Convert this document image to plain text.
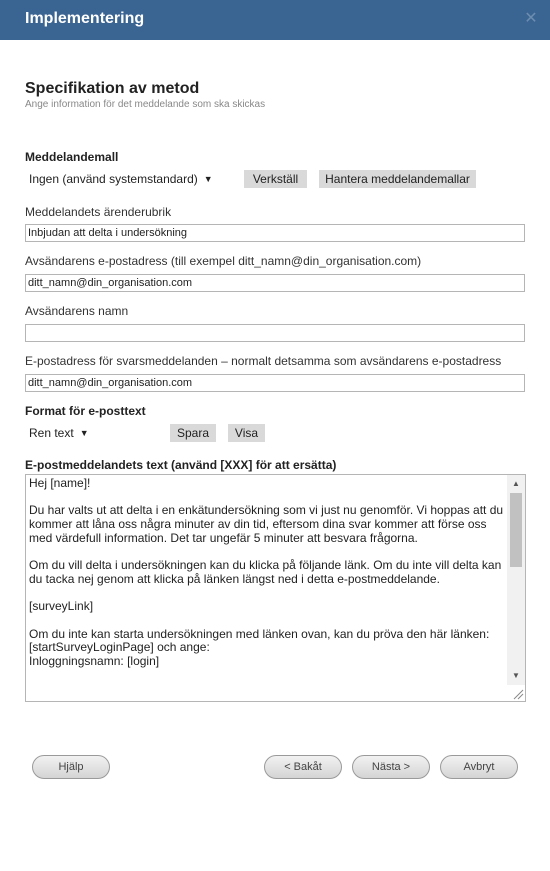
Implementering	✕
Specifikation av metod
Ange information för det meddelande som ska skickas
Meddelandemall
Ingen (använd systemstandard) ▼	Verkställ	Hantera meddelandemallar
Meddelandets ärenderubrik
Inbjudan att delta i undersökning
Avsändarens e-postadress (till exempel ditt_namn@din_organisation.com)
ditt_namn@din_organisation.com
Avsändarens namn
E-postadress för svarsmeddelanden – normalt detsamma som avsändarens e-postadress
ditt_namn@din_organisation.com
Format för e-posttext
Ren text ▼	Spara	Visa
E-postmeddelandets text (använd [XXX] för att ersätta)

Hej [name]!

Du har valts ut att delta i en enkätundersökning som vi just nu genomför. Vi hoppas att du kommer att låna oss några minuter av din tid, eftersom dina svar kommer att förse oss med värdefull information. Det tar ungefär 5 minuter att besvara frågorna.

Om du vill delta i undersökningen kan du klicka på följande länk. Om du inte vill delta kan du tacka nej genom att klicka på länken längst ned i detta e-postmeddelande.

[surveyLink]

Om du inte kan starta undersökningen med länken ovan, kan du pröva den här länken: [startSurveyLoginPage] och ange:

Inloggningsnamn: [login]

▲
▼
Hjälp	< Bakåt	Nästa >	Avbryt
